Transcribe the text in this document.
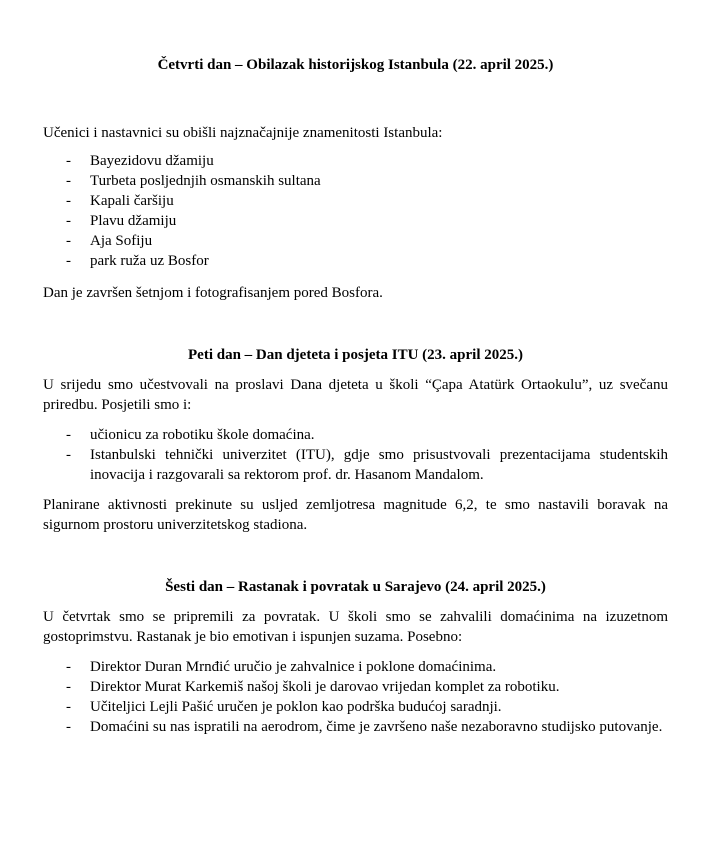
Četvrti dan – Obilazak historijskog Istanbula (22. april 2025.)

Učenici i nastavnici su obišli najznačajnije znamenitosti Istanbula:

- Bayezidovu džamiju
- Turbeta posljednjih osmanskih sultana
- Kapali čaršiju
- Plavu džamiju
- Aja Sofiju
- park ruža uz Bosfor

Dan je završen šetnjom i fotografisanjem pored Bosfora.

Peti dan – Dan djeteta i posjeta ITU (23. april 2025.)

U srijedu smo učestvovali na proslavi Dana djeteta u školi “Çapa Atatürk Ortaokulu”, uz svečanu priredbu. Posjetili smo i:

- učionicu za robotiku škole domaćina.
- Istanbulski tehnički univerzitet (ITU), gdje smo prisustvovali prezentacijama studentskih inovacija i razgovarali sa rektorom prof. dr. Hasanom Mandalom.

Planirane aktivnosti prekinute su usljed zemljotresa magnitude 6,2, te smo nastavili boravak na sigurnom prostoru univerzitetskog stadiona.

Šesti dan – Rastanak i povratak u Sarajevo (24. april 2025.)

U četvrtak smo se pripremili za povratak. U školi smo se zahvalili domaćinima na izuzetnom gostoprimstvu. Rastanak je bio emotivan i ispunjen suzama. Posebno:

- Direktor Duran Mrnđić uručio je zahvalnice i poklone domaćinima.
- Direktor Murat Karkemiš našoj školi je darovao vrijedan komplet za robotiku.
- Učiteljici Lejli Pašić uručen je poklon kao podrška budućoj saradnji.
- Domaćini su nas ispratili na aerodrom, čime je završeno naše nezaboravno studijsko putovanje.
